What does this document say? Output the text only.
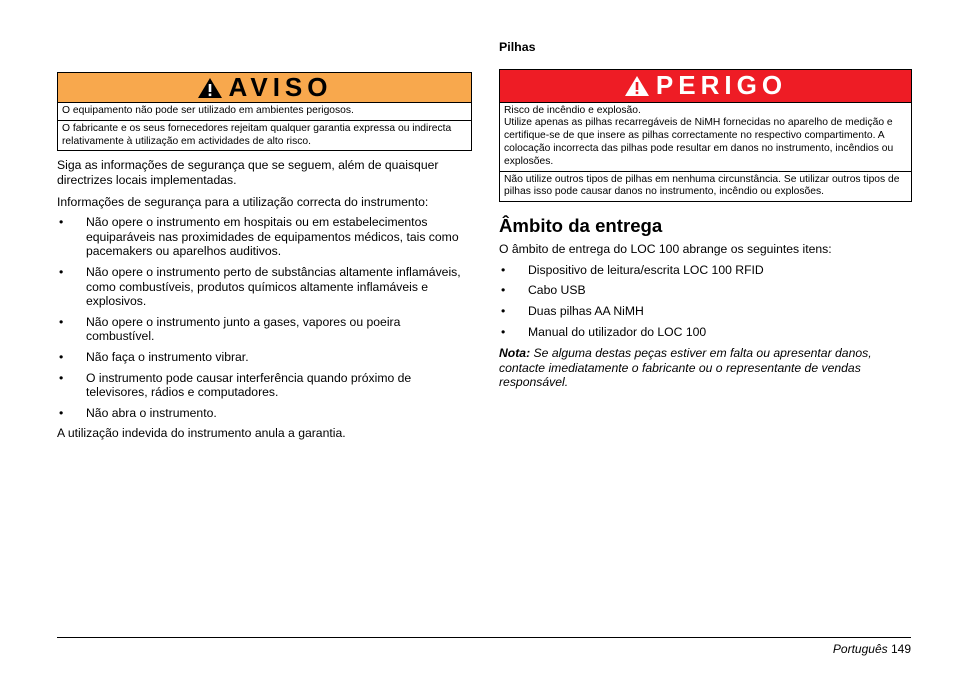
AVISO
O equipamento não pode ser utilizado em ambientes perigosos.
O fabricante e os seus fornecedores rejeitam qualquer garantia expressa ou indirecta relativamente à utilização em actividades de alto risco.

Siga as informações de segurança que se seguem, além de quaisquer directrizes locais implementadas.

Informações de segurança para a utilização correcta do instrumento:

• Não opere o instrumento em hospitais ou em estabelecimentos equiparáveis nas proximidades de equipamentos médicos, tais como pacemakers ou aparelhos auditivos.
• Não opere o instrumento perto de substâncias altamente inflamáveis, como combustíveis, produtos químicos altamente inflamáveis e explosivos.
• Não opere o instrumento junto a gases, vapores ou poeira combustível.
• Não faça o instrumento vibrar.
• O instrumento pode causar interferência quando próximo de televisores, rádios e computadores.
• Não abra o instrumento.

A utilização indevida do instrumento anula a garantia.

Pilhas

PERIGO
Risco de incêndio e explosão.
Utilize apenas as pilhas recarregáveis de NiMH fornecidas no aparelho de medição e certifique-se de que insere as pilhas correctamente no respectivo compartimento. A colocação incorrecta das pilhas pode resultar em danos no instrumento, incêndios ou explosões.
Não utilize outros tipos de pilhas em nenhuma circunstância. Se utilizar outros tipos de pilhas isso pode causar danos no instrumento, incêndio ou explosões.

Âmbito da entrega

O âmbito de entrega do LOC 100 abrange os seguintes itens:

• Dispositivo de leitura/escrita LOC 100 RFID
• Cabo USB
• Duas pilhas AA NiMH
• Manual do utilizador do LOC 100

Nota: Se alguma destas peças estiver em falta ou apresentar danos, contacte imediatamente o fabricante ou o representante de vendas responsável.

Português 149
